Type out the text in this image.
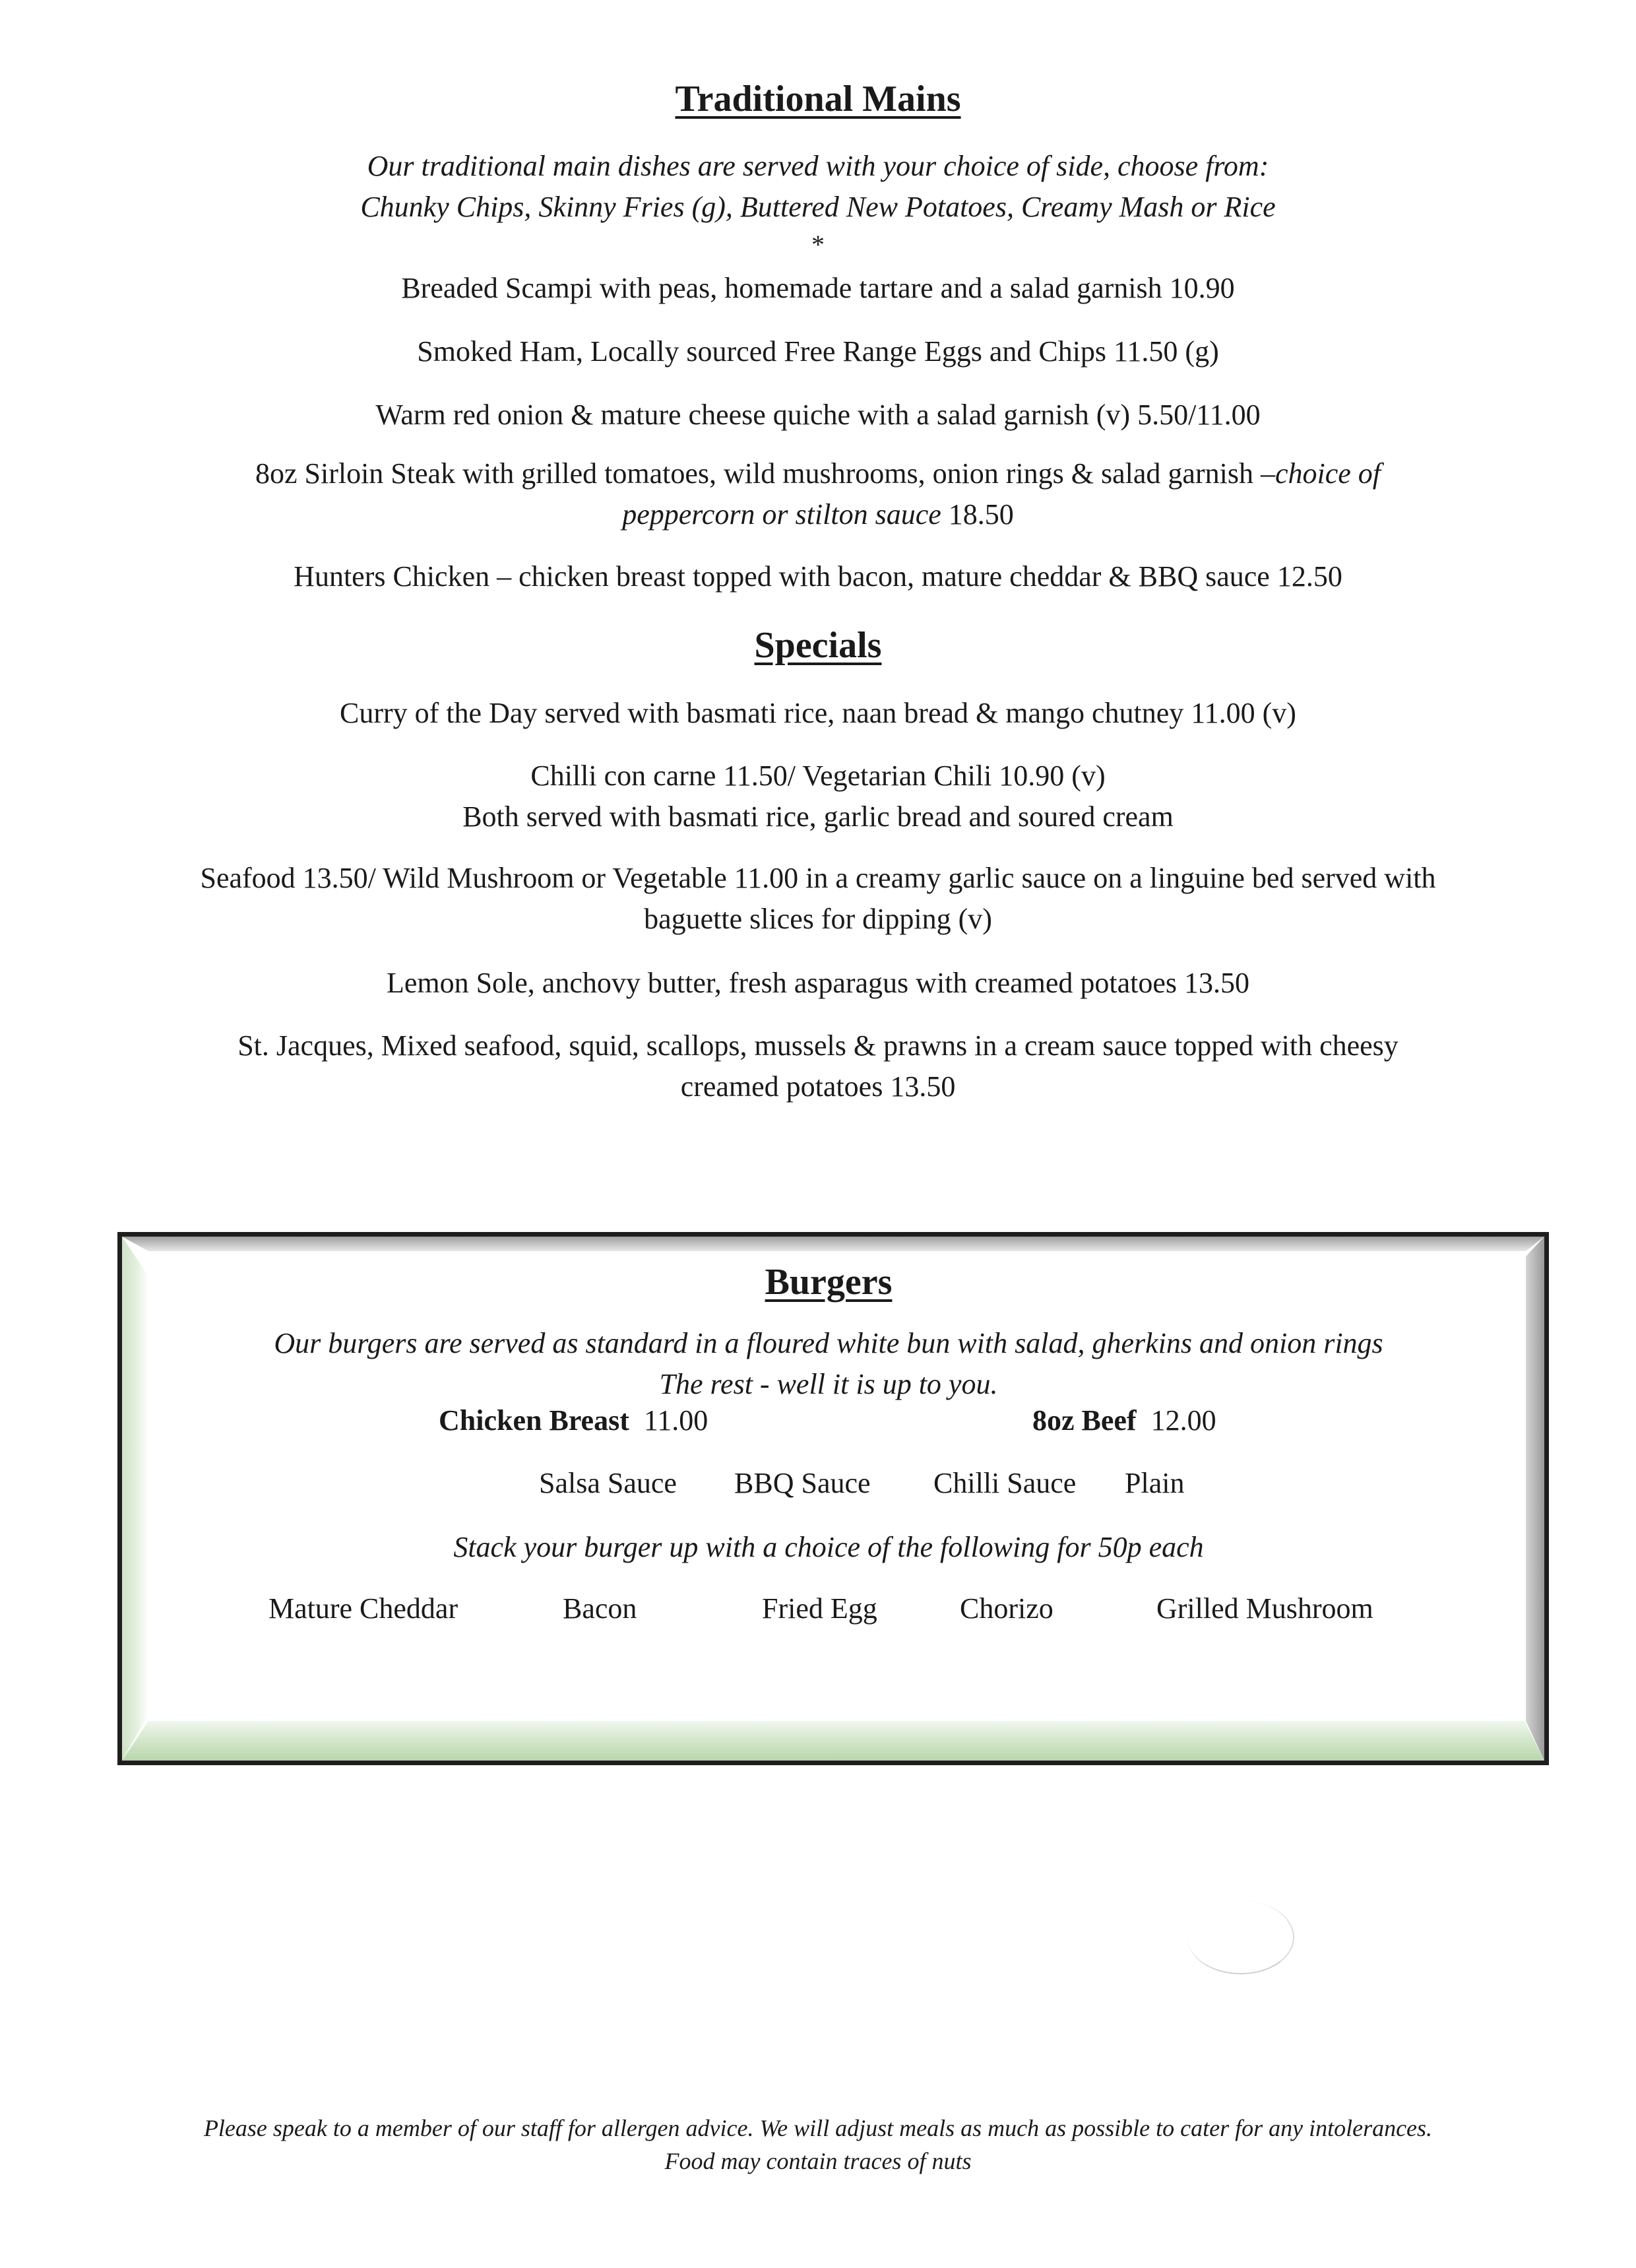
Traditional Mains
Our traditional main dishes are served with your choice of side, choose from:
Chunky Chips, Skinny Fries (g), Buttered New Potatoes, Creamy Mash or Rice
*
Breaded Scampi with peas, homemade tartare and a salad garnish 10.90
Smoked Ham, Locally sourced Free Range Eggs and Chips 11.50 (g)
Warm red onion & mature cheese quiche with a salad garnish (v) 5.50/11.00
8oz Sirloin Steak with grilled tomatoes, wild mushrooms, onion rings & salad garnish –choice of
peppercorn or stilton sauce 18.50
Hunters Chicken – chicken breast topped with bacon, mature cheddar & BBQ sauce 12.50
Specials
Curry of the Day served with basmati rice, naan bread & mango chutney 11.00 (v)
Chilli con carne 11.50/ Vegetarian Chili 10.90 (v)
Both served with basmati rice, garlic bread and soured cream
Seafood 13.50/ Wild Mushroom or Vegetable 11.00 in a creamy garlic sauce on a linguine bed served with
baguette slices for dipping (v)
Lemon Sole, anchovy butter, fresh asparagus with creamed potatoes 13.50
St. Jacques, Mixed seafood, squid, scallops, mussels & prawns in a cream sauce topped with cheesy
creamed potatoes 13.50
Burgers
Our burgers are served as standard in a floured white bun with salad, gherkins and onion rings
The rest - well it is up to you.
Chicken Breast 11.00	8oz Beef 12.00
Salsa Sauce BBQ Sauce Chilli Sauce Plain
Stack your burger up with a choice of the following for 50p each
Mature Cheddar	Bacon	Fried Egg	Chorizo	Grilled Mushroom
Please speak to a member of our staff for allergen advice. We will adjust meals as much as possible to cater for any intolerances.
Food may contain traces of nuts
